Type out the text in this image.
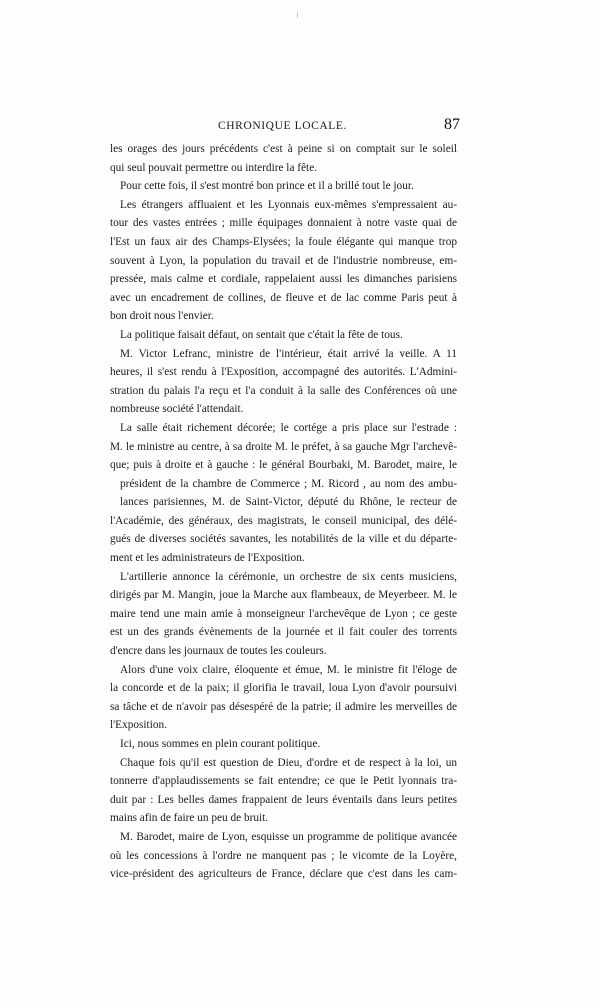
CHRONIQUE LOCALE.	87
les orages des jours précédents c'est à peine si on comptait sur le soleil
qui seul pouvait permettre ou interdire la fête.
Pour cette fois, il s'est montré bon prince et il a brillé tout le jour.
Les étrangers affluaient et les Lyonnais eux-mêmes s'empressaient au-
tour des vastes entrées ; mille équipages donnaient à notre vaste quai de
l'Est un faux air des Champs-Elysées; la foule élégante qui manque trop
souvent à Lyon, la population du travail et de l'industrie nombreuse, em-
pressée, mais calme et cordiale, rappelaient aussi les dimanches parisiens
avec un encadrement de collines, de fleuve et de lac comme Paris peut à
bon droit nous l'envier.
La politique faisait défaut, on sentait que c'était la fête de tous.
M. Victor Lefranc, ministre de l'intérieur, était arrivé la veille. A 11
heures, il s'est rendu à l'Exposition, accompagné des autorités. L'Admini-
stration du palais l'a reçu et l'a conduit à la salle des Conférences où une
nombreuse société l'attendait.
La salle était richement décorée; le cortége a pris place sur l'estrade :
M. le ministre au centre, à sa droite M. le préfet, à sa gauche Mgr l'archevê-
que; puis à droite et à gauche : le général Bourbaki, M. Barodet, maire, le
président de la chambre de Commerce ; M. Ricord , au nom des ambu-
lances parisiennes, M. de Saint-Victor, député du Rhône, le recteur de
l'Académie, des généraux, des magistrats, le conseil municipal, des délé-
gués de diverses sociétés savantes, les notabilités de la ville et du départe-
ment et les administrateurs de l'Exposition.
L'artillerie annonce la cérémonie, un orchestre de six cents musiciens,
dirigés par M. Mangin, joue la Marche aux flambeaux, de Meyerbeer. M. le
maire tend une main amie à monseigneur l'archevêque de Lyon ; ce geste
est un des grands évènements de la journée et il fait couler des torrents
d'encre dans les journaux de toutes les couleurs.
Alors d'une voix claire, éloquente et émue, M. le ministre fit l'éloge de
la concorde et de la paix; il glorifia le travail, loua Lyon d'avoir poursuivi
sa tâche et de n'avoir pas désespéré de la patrie; il admire les merveilles de
l'Exposition.
Ici, nous sommes en plein courant politique.
Chaque fois qu'il est question de Dieu, d'ordre et de respect à la loi, un
tonnerre d'applaudissements se fait entendre; ce que le Petit lyonnais tra-
duit par : Les belles dames frappaient de leurs éventails dans leurs petites
mains afin de faire un peu de bruit.
M. Barodet, maire de Lyon, esquisse un programme de politique avancée
où les concessions à l'ordre ne manquent pas ; le vicomte de la Loyère,
vice-président des agriculteurs de France, déclare que c'est dans les cam-
